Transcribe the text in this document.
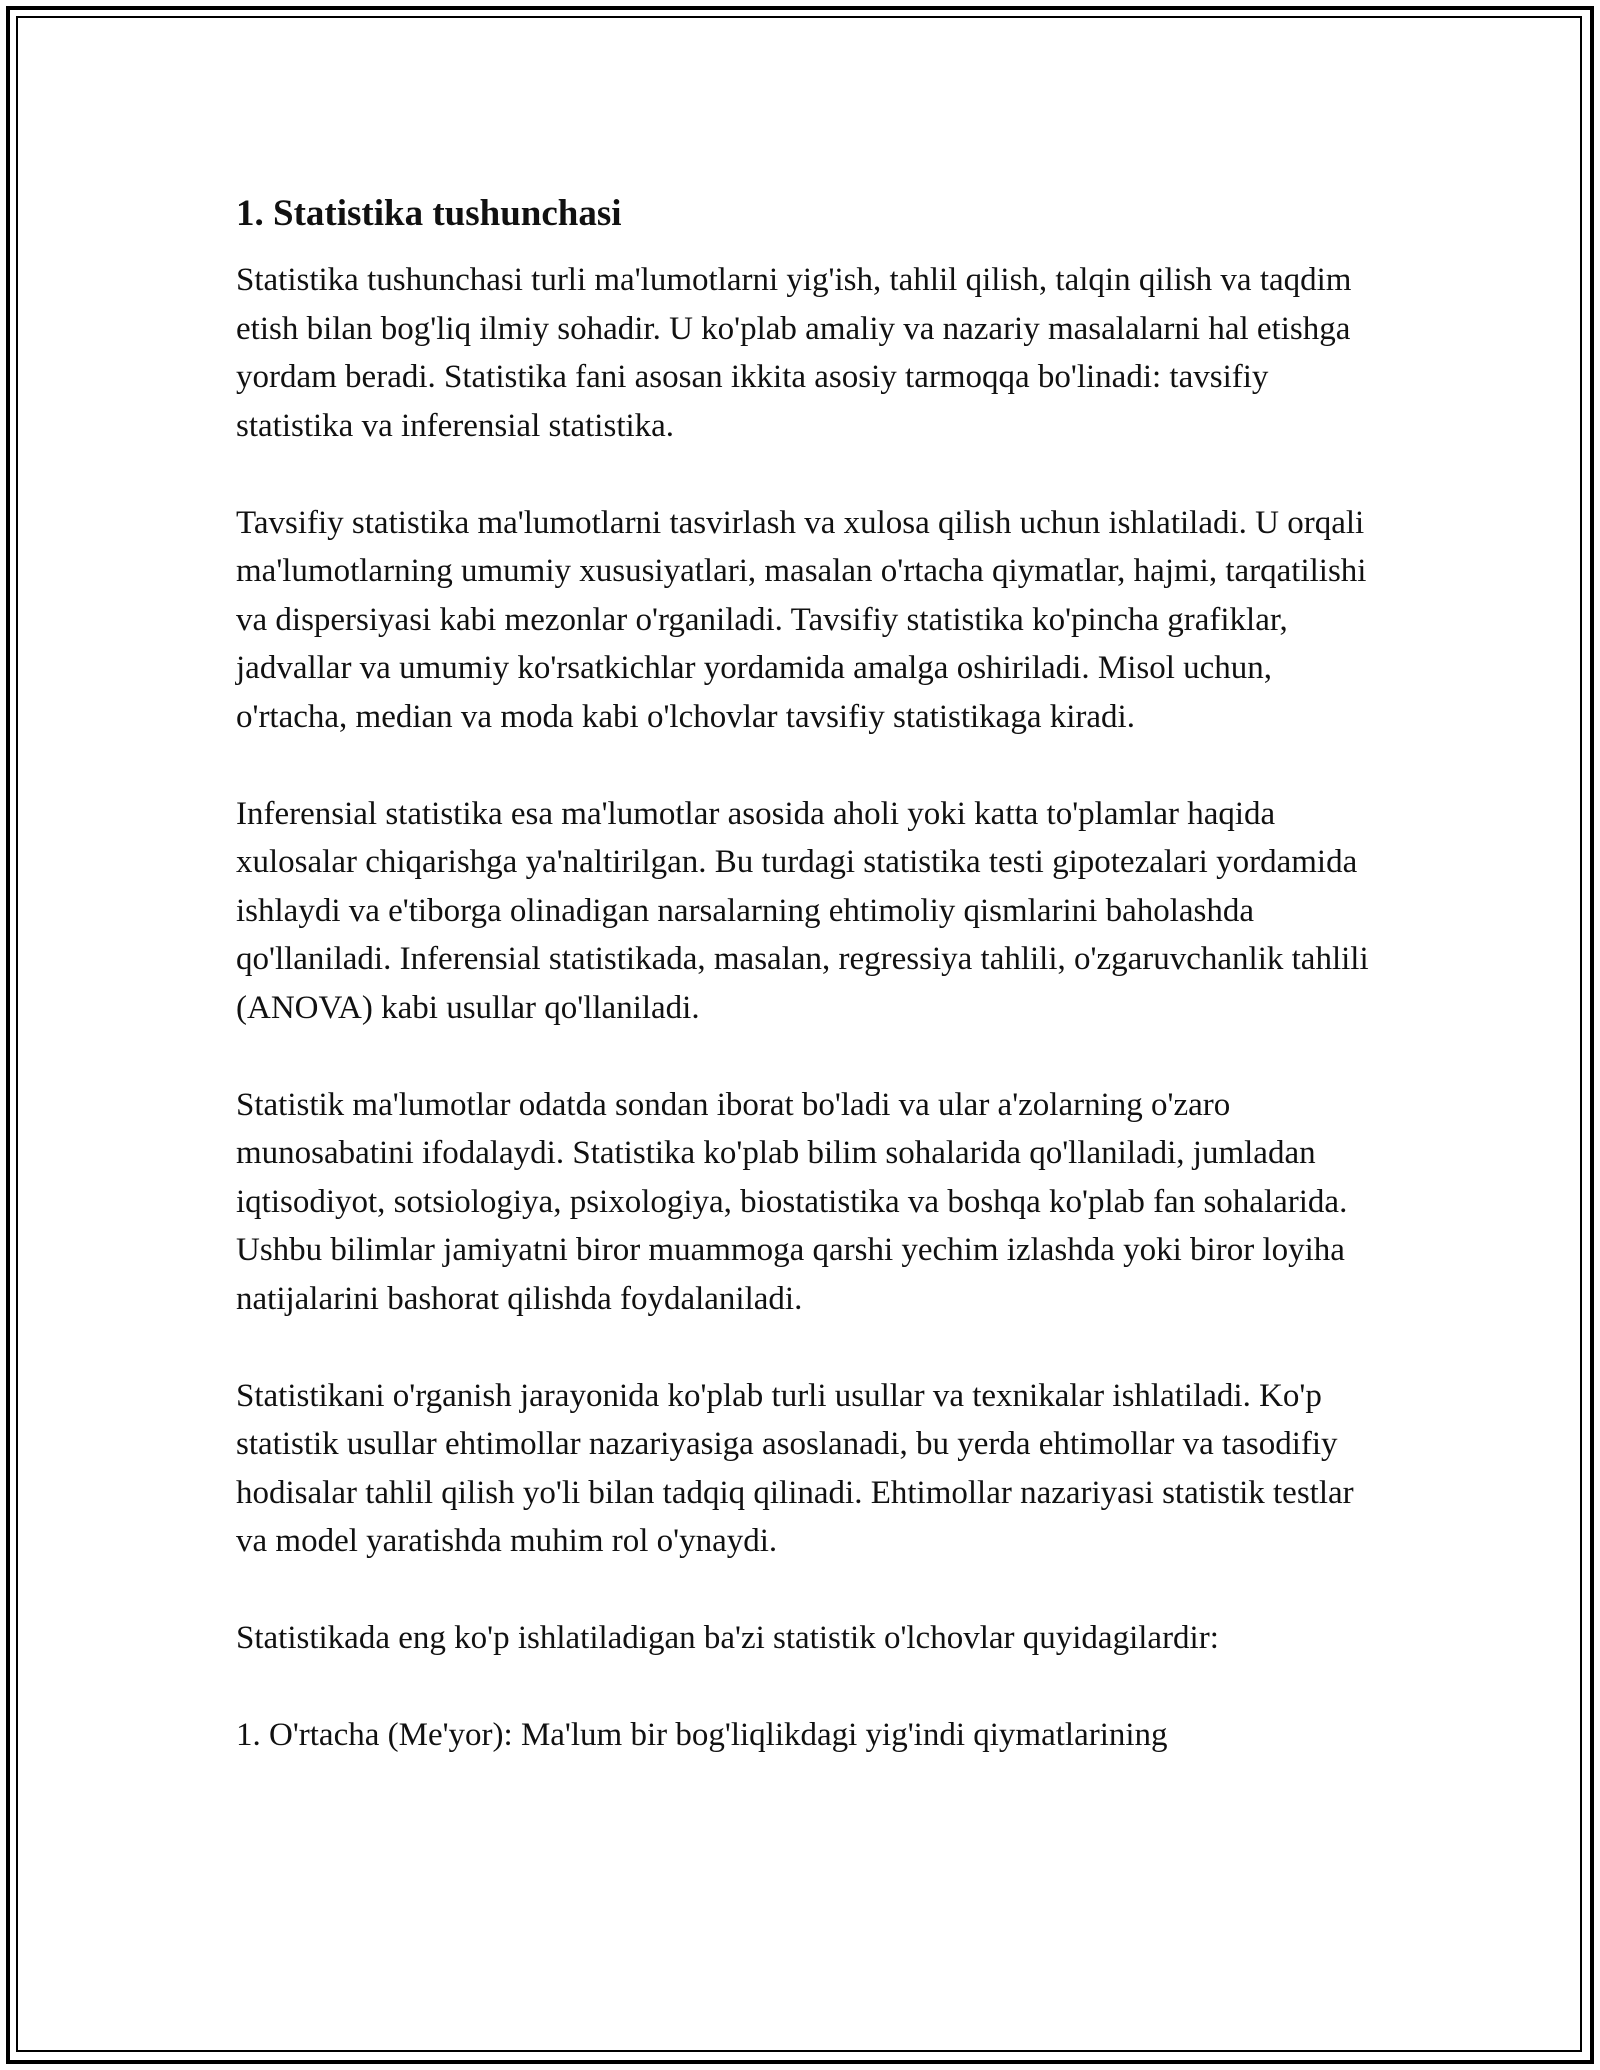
1. Statistika tushunchasi

Statistika tushunchasi turli ma'lumotlarni yig'ish, tahlil qilish, talqin qilish va taqdim etish bilan bog'liq ilmiy sohadir. U ko'plab amaliy va nazariy masalalarni hal etishga yordam beradi. Statistika fani asosan ikkita asosiy tarmoqqa bo'linadi: tavsifiy statistika va inferensial statistika.

Tavsifiy statistika ma'lumotlarni tasvirlash va xulosa qilish uchun ishlatiladi. U orqali ma'lumotlarning umumiy xususiyatlari, masalan o'rtacha qiymatlar, hajmi, tarqatilishi va dispersiyasi kabi mezonlar o'rganiladi. Tavsifiy statistika ko'pincha grafiklar, jadvallar va umumiy ko'rsatkichlar yordamida amalga oshiriladi. Misol uchun, o'rtacha, median va moda kabi o'lchovlar tavsifiy statistikaga kiradi.

Inferensial statistika esa ma'lumotlar asosida aholi yoki katta to'plamlar haqida xulosalar chiqarishga ya'naltirilgan. Bu turdagi statistika testi gipotezalari yordamida ishlaydi va e'tiborga olinadigan narsalarning ehtimoliy qismlarini baholashda qo'llaniladi. Inferensial statistikada, masalan, regressiya tahlili, o'zgaruvchanlik tahlili (ANOVA) kabi usullar qo'llaniladi.

Statistik ma'lumotlar odatda sondan iborat bo'ladi va ular a'zolarning o'zaro munosabatini ifodalaydi. Statistika ko'plab bilim sohalarida qo'llaniladi, jumladan iqtisodiyot, sotsiologiya, psixologiya, biostatistika va boshqa ko'plab fan sohalarida. Ushbu bilimlar jamiyatni biror muammoga qarshi yechim izlashda yoki biror loyiha natijalarini bashorat qilishda foydalaniladi.

Statistikani o'rganish jarayonida ko'plab turli usullar va texnikalar ishlatiladi. Ko'p statistik usullar ehtimollar nazariyasiga asoslanadi, bu yerda ehtimollar va tasodifiy hodisalar tahlil qilish yo'li bilan tadqiq qilinadi. Ehtimollar nazariyasi statistik testlar va model yaratishda muhim rol o'ynaydi.

Statistikada eng ko'p ishlatiladigan ba'zi statistik o'lchovlar quyidagilardir:

1. O'rtacha (Me'yor): Ma'lum bir bog'liqlikdagi yig'indi qiymatlarining
